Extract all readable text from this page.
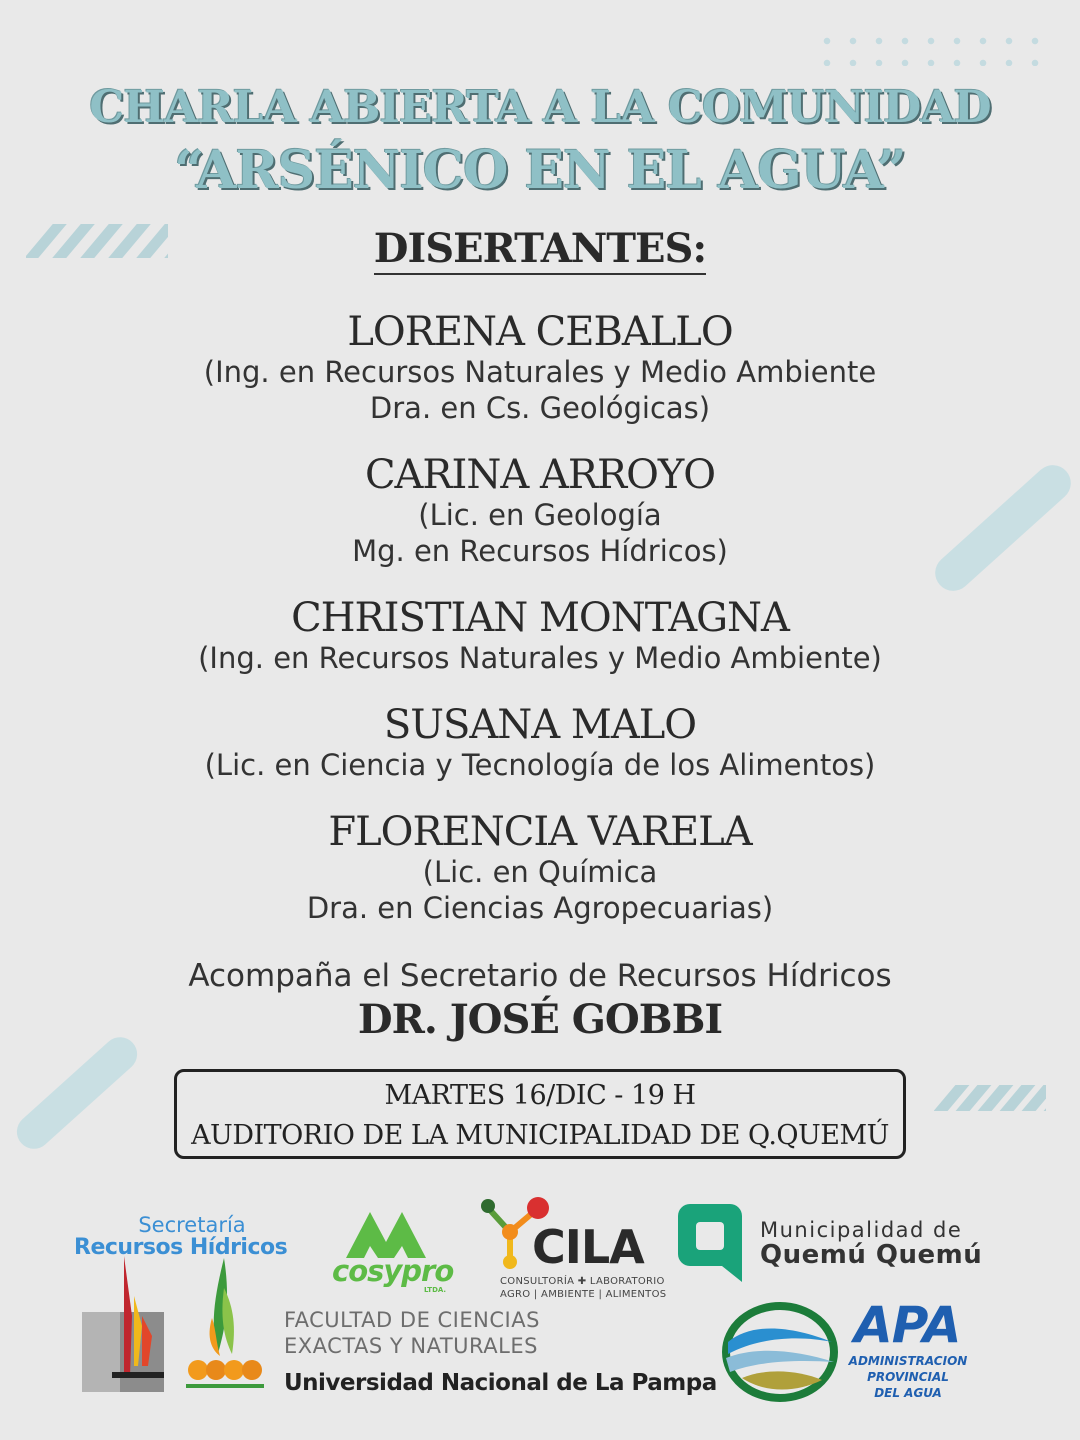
CHARLA ABIERTA A LA COMUNIDAD
“ARSÉNICO EN EL AGUA”
DISERTANTES:
LORENA CEBALLO
(Ing. en Recursos Naturales y Medio Ambiente
Dra. en Cs. Geológicas)
CARINA ARROYO
(Lic. en Geología
Mg. en Recursos Hídricos)
CHRISTIAN MONTAGNA
(Ing. en Recursos Naturales y Medio Ambiente)
SUSANA MALO
(Lic. en Ciencia y Tecnología de los Alimentos)
FLORENCIA VARELA
(Lic. en Química
Dra. en Ciencias Agropecuarias)
Acompaña el Secretario de Recursos Hídricos
DR. JOSÉ GOBBI
MARTES 16/DIC - 19 H
AUDITORIO DE LA MUNICIPALIDAD DE Q.QUEMÚ
Secretaría
Recursos Hídricos
FACULTAD DE CIENCIAS
EXACTAS Y NATURALES
Universidad Nacional de La Pampa
cosypro
LTDA.
CILA
CONSULTORÍA ✚ LABORATORIO
AGRO | AMBIENTE | ALIMENTOS
Municipalidad de
Quemú Quemú
APA
ADMINISTRACION
PROVINCIAL
DEL AGUA
